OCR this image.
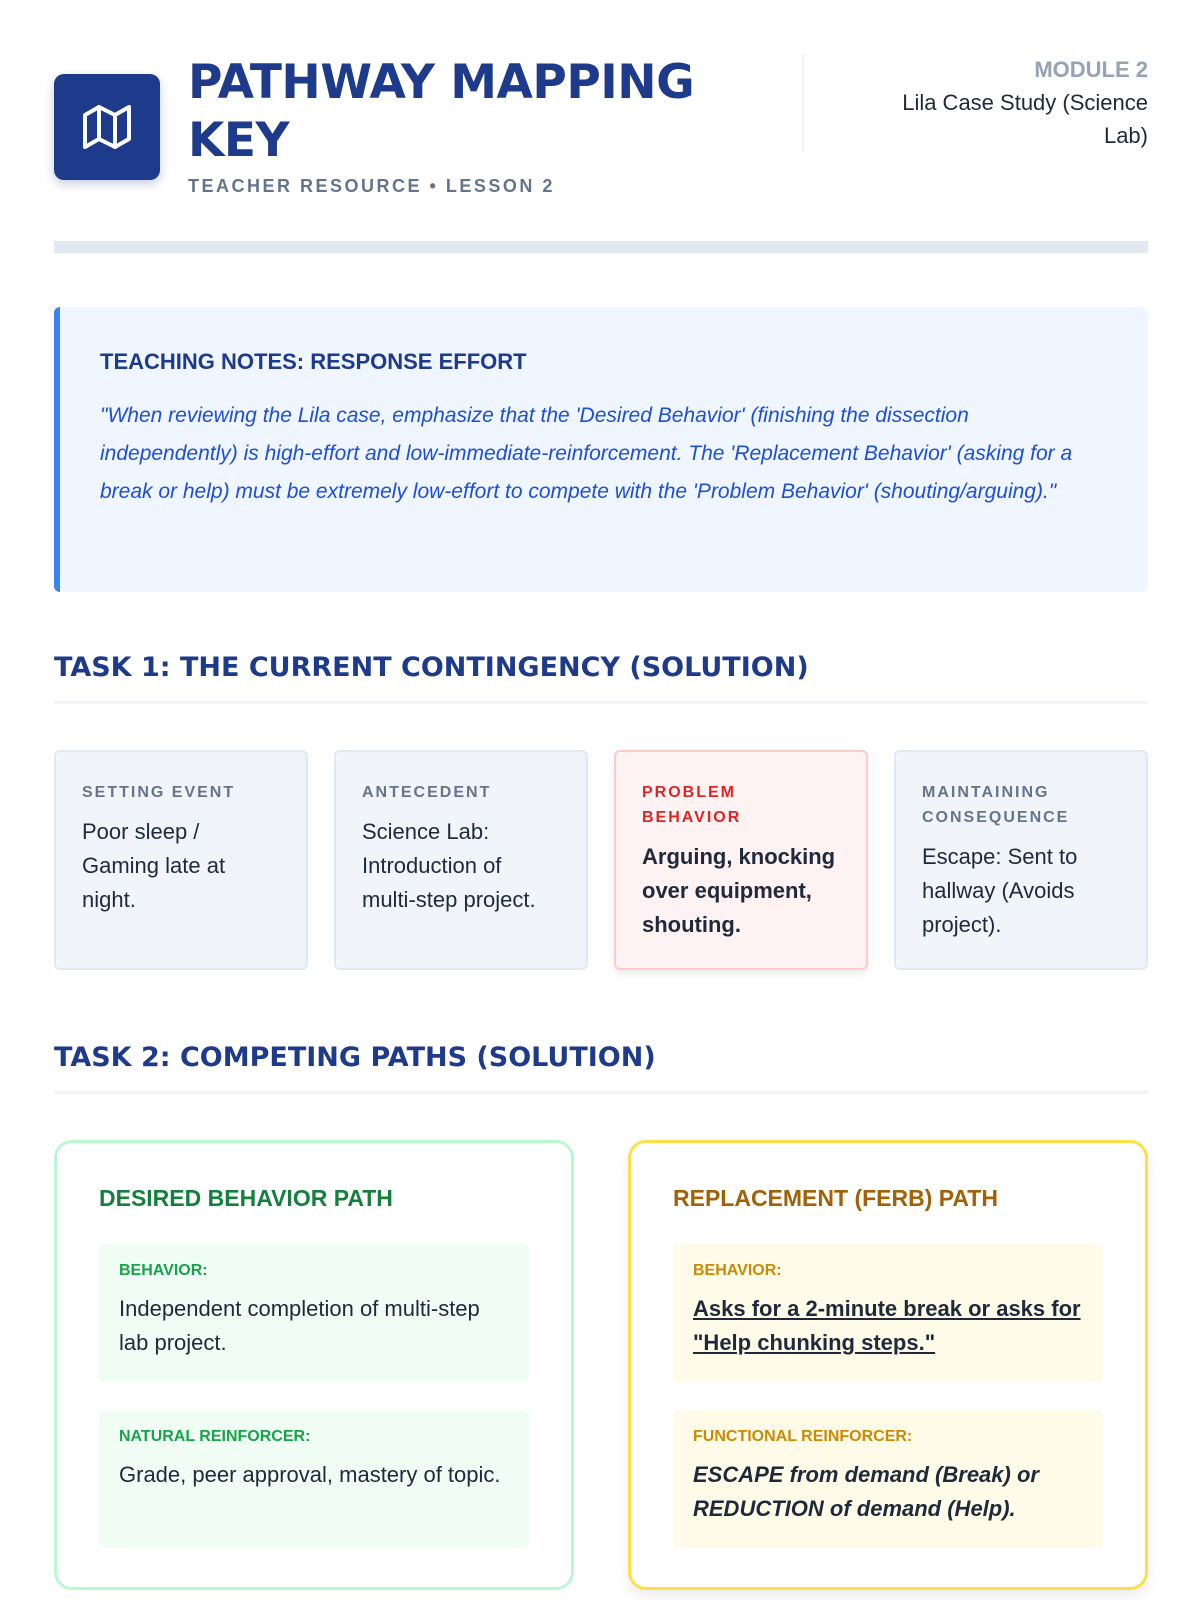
PATHWAY MAPPING KEY
TEACHER RESOURCE • LESSON 2
MODULE 2
Lila Case Study (Science Lab)
TEACHING NOTES: RESPONSE EFFORT
"When reviewing the Lila case, emphasize that the 'Desired Behavior' (finishing the dissection independently) is high-effort and low-immediate-reinforcement. The 'Replacement Behavior' (asking for a break or help) must be extremely low-effort to compete with the 'Problem Behavior' (shouting/arguing)."
TASK 1: THE CURRENT CONTINGENCY (SOLUTION)
SETTING EVENT
Poor sleep / Gaming late at night.
ANTECEDENT
Science Lab: Introduction of multi-step project.
PROBLEM BEHAVIOR
Arguing, knocking over equipment, shouting.
MAINTAINING CONSEQUENCE
Escape: Sent to hallway (Avoids project).
TASK 2: COMPETING PATHS (SOLUTION)
DESIRED BEHAVIOR PATH
BEHAVIOR:
Independent completion of multi-step lab project.
NATURAL REINFORCER:
Grade, peer approval, mastery of topic.
REPLACEMENT (FERB) PATH
BEHAVIOR:
Asks for a 2-minute break or asks for "Help chunking steps."
FUNCTIONAL REINFORCER:
ESCAPE from demand (Break) or REDUCTION of demand (Help).
